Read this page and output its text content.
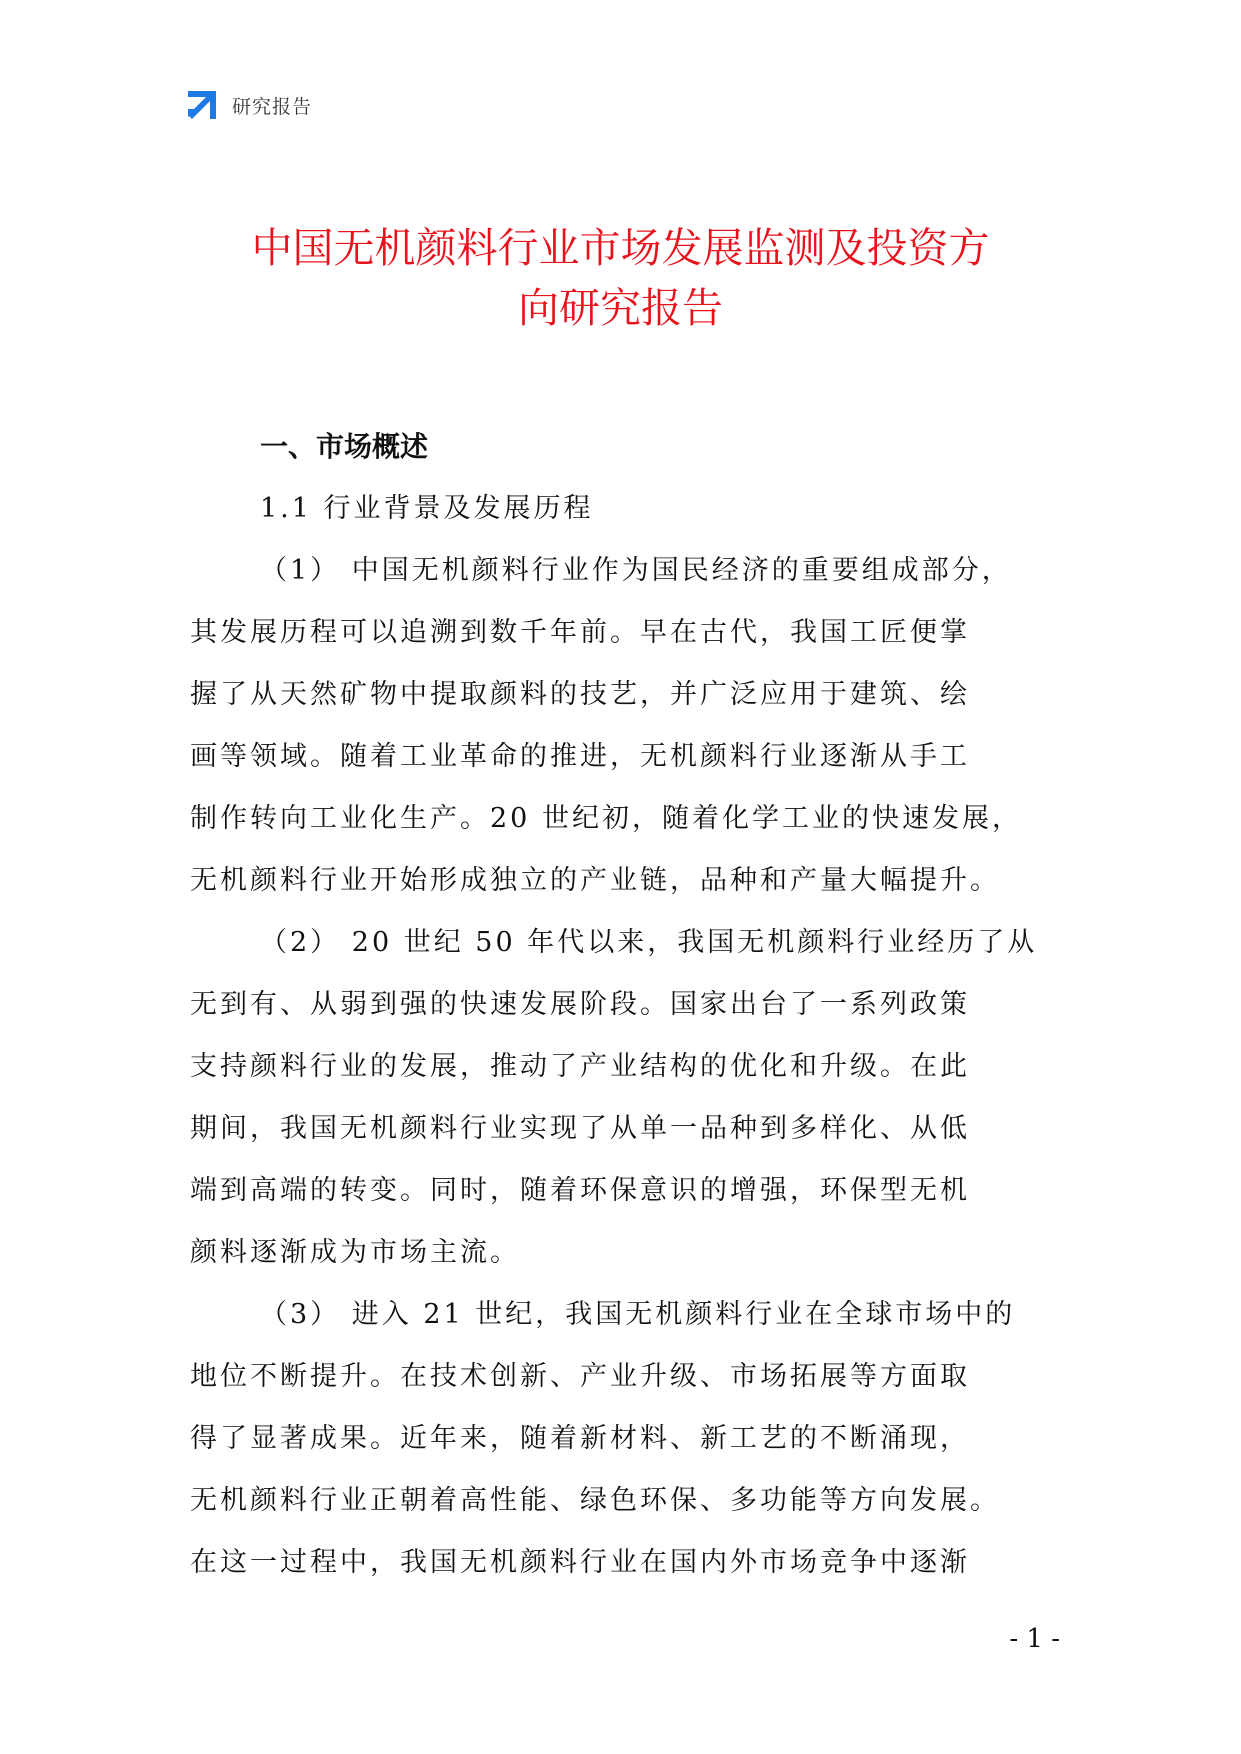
研究报告
中国无机颜料行业市场发展监测及投资方
向研究报告

一、市场概述

1.1 行业背景及发展历程

（1） 中国无机颜料行业作为国民经济的重要组成部分，
其发展历程可以追溯到数千年前。早在古代，我国工匠便掌
握了从天然矿物中提取颜料的技艺，并广泛应用于建筑、绘
画等领域。随着工业革命的推进，无机颜料行业逐渐从手工
制作转向工业化生产。20 世纪初，随着化学工业的快速发展，
无机颜料行业开始形成独立的产业链，品种和产量大幅提升。

（2） 20 世纪 50 年代以来，我国无机颜料行业经历了从
无到有、从弱到强的快速发展阶段。国家出台了一系列政策
支持颜料行业的发展，推动了产业结构的优化和升级。在此
期间，我国无机颜料行业实现了从单一品种到多样化、从低
端到高端的转变。同时，随着环保意识的增强，环保型无机
颜料逐渐成为市场主流。

（3） 进入 21 世纪，我国无机颜料行业在全球市场中的
地位不断提升。在技术创新、产业升级、市场拓展等方面取
得了显著成果。近年来，随着新材料、新工艺的不断涌现，
无机颜料行业正朝着高性能、绿色环保、多功能等方向发展。
在这一过程中，我国无机颜料行业在国内外市场竞争中逐渐

- 1 -
